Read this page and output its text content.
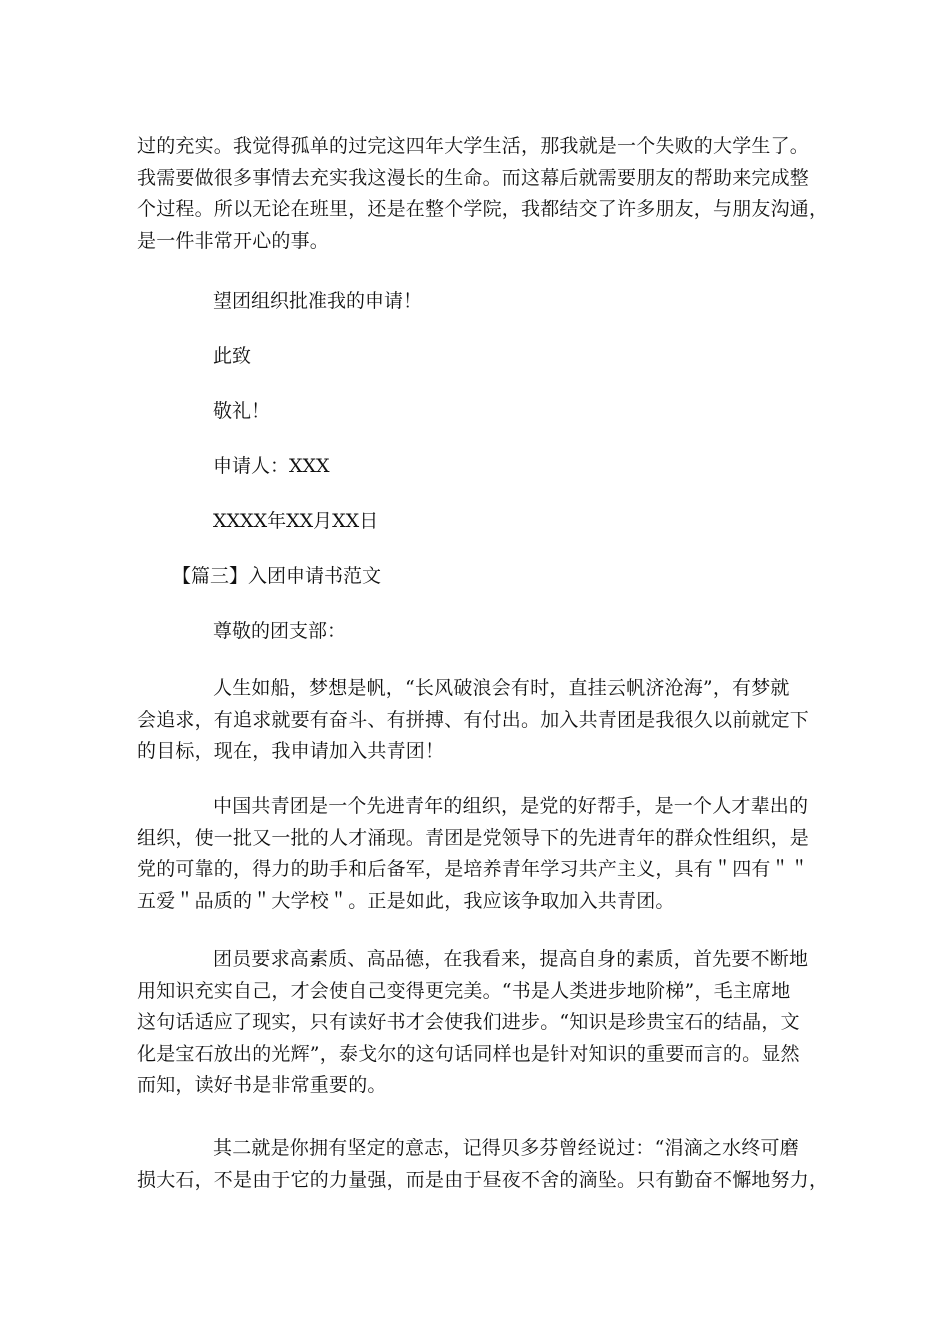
过的充实。我觉得孤单的过完这四年大学生活，那我就是一个失败的大学生了。
我需要做很多事情去充实我这漫长的生命。而这幕后就需要朋友的帮助来完成整
个过程。所以无论在班里，还是在整个学院，我都结交了许多朋友，与朋友沟通，
是一件非常开心的事。
望团组织批准我的申请！
此致
敬礼！
申请人：XXX
XXXX年XX月XX日
【篇三】入团申请书范文
尊敬的团支部：
人生如船，梦想是帆，“长风破浪会有时，直挂云帆济沧海”，有梦就
会追求，有追求就要有奋斗、有拼搏、有付出。加入共青团是我很久以前就定下
的目标，现在，我申请加入共青团！
中国共青团是一个先进青年的组织，是党的好帮手，是一个人才辈出的
组织，使一批又一批的人才涌现。青团是党领导下的先进青年的群众性组织，是
党的可靠的，得力的助手和后备军，是培养青年学习共产主义，具有＂四有＂＂
五爱＂品质的＂大学校＂。正是如此，我应该争取加入共青团。
团员要求高素质、高品德，在我看来，提高自身的素质，首先要不断地
用知识充实自己，才会使自己变得更完美。“书是人类进步地阶梯”，毛主席地
这句话适应了现实，只有读好书才会使我们进步。“知识是珍贵宝石的结晶，文
化是宝石放出的光辉”，泰戈尔的这句话同样也是针对知识的重要而言的。显然
而知，读好书是非常重要的。
其二就是你拥有坚定的意志，记得贝多芬曾经说过：“涓滴之水终可磨
损大石，不是由于它的力量强，而是由于昼夜不舍的滴坠。只有勤奋不懈地努力，
